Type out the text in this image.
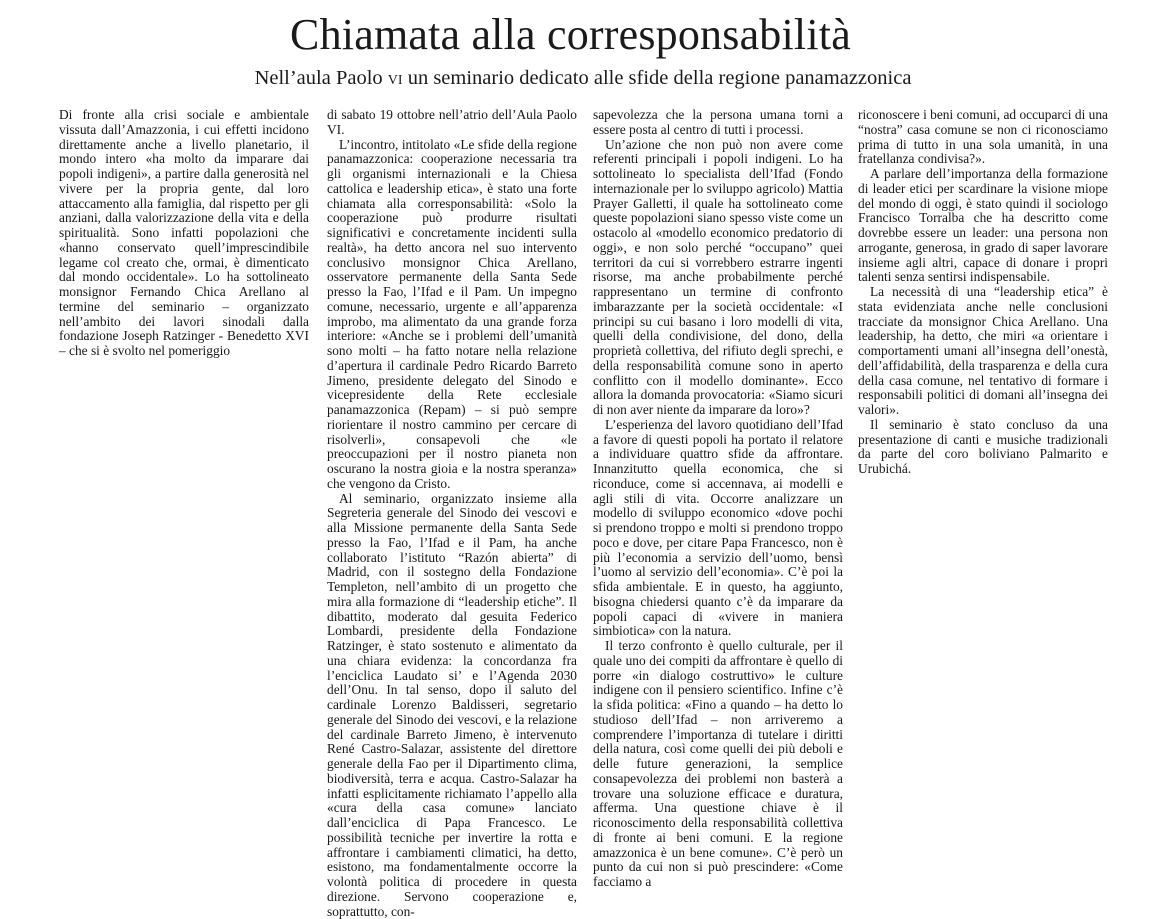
Chiamata alla corresponsabilità

Nell’aula Paolo vi un seminario dedicato alle sfide della regione panamazzonica

Di fronte alla crisi sociale e ambientale vissuta dall’Amazzonia, i cui effetti incidono direttamente anche a livello planetario, il mondo intero «ha molto da imparare dai popoli indigeni», a partire dalla generosità nel vivere per la propria gente, dal loro attaccamento alla famiglia, dal rispetto per gli anziani, dalla valorizzazione della vita e della spiritualità. Sono infatti popolazioni che «hanno conservato quell’imprescindibile legame col creato che, ormai, è dimenticato dal mondo occidentale». Lo ha sottolineato monsignor Fernando Chica Arellano al termine del seminario – organizzato nell’ambito dei lavori sinodali dalla fondazione Joseph Ratzinger - Benedetto XVI – che si è svolto nel pomeriggio

di sabato 19 ottobre nell’atrio dell’Aula Paolo VI.

L’incontro, intitolato «Le sfide della regione panamazzonica: cooperazione necessaria tra gli organismi internazionali e la Chiesa cattolica e leadership etica», è stato una forte chiamata alla corresponsabilità: «Solo la cooperazione può produrre risultati significativi e concretamente incidenti sulla realtà», ha detto ancora nel suo intervento conclusivo monsignor Chica Arellano, osservatore permanente della Santa Sede presso la Fao, l’Ifad e il Pam. Un impegno comune, necessario, urgente e all’apparenza improbo, ma alimentato da una grande forza interiore: «Anche se i problemi dell’umanità sono molti – ha fatto notare nella relazione d’apertura il cardinale Pedro Ricardo Barreto Jimeno, presidente delegato del Sinodo e vicepresidente della Rete ecclesiale panamazzonica (Repam) – si può sempre riorientare il nostro cammino per cercare di risolverli», consapevoli che «le preoccupazioni per il nostro pianeta non oscurano la nostra gioia e la nostra speranza» che vengono da Cristo.

Al seminario, organizzato insieme alla Segreteria generale del Sinodo dei vescovi e alla Missione permanente della Santa Sede presso la Fao, l’Ifad e il Pam, ha anche collaborato l’istituto “Razón abierta” di Madrid, con il sostegno della Fondazione Templeton, nell’ambito di un progetto che mira alla formazione di “leadership etiche”. Il dibattito, moderato dal gesuita Federico Lombardi, presidente della Fondazione Ratzinger, è stato sostenuto e alimentato da una chiara evidenza: la concordanza fra l’enciclica Laudato si’ e l’Agenda 2030 dell’Onu. In tal senso, dopo il saluto del cardinale Lorenzo Baldisseri, segretario generale del Sinodo dei vescovi, e la relazione del cardinale Barreto Jimeno, è intervenuto René Castro-Salazar, assistente del direttore generale della Fao per il Dipartimento clima, biodiversità, terra e acqua. Castro-Salazar ha infatti esplicitamente richiamato l’appello alla «cura della casa comune» lanciato dall’enciclica di Papa Francesco. Le possibilità tecniche per invertire la rotta e affrontare i cambiamenti climatici, ha detto, esistono, ma fondamentalmente occorre la volontà politica di procedere in questa direzione. Servono cooperazione e, soprattutto, con-

sapevolezza che la persona umana torni a essere posta al centro di tutti i processi.

Un’azione che non può non avere come referenti principali i popoli indigeni. Lo ha sottolineato lo specialista dell’Ifad (Fondo internazionale per lo sviluppo agricolo) Mattia Prayer Galletti, il quale ha sottolineato come queste popolazioni siano spesso viste come un ostacolo al «modello economico predatorio di oggi», e non solo perché “occupano” quei territori da cui si vorrebbero estrarre ingenti risorse, ma anche probabilmente perché rappresentano un termine di confronto imbarazzante per la società occidentale: «I principi su cui basano i loro modelli di vita, quelli della condivisione, del dono, della proprietà collettiva, del rifiuto degli sprechi, e della responsabilità comune sono in aperto conflitto con il modello dominante». Ecco allora la domanda provocatoria: «Siamo sicuri di non aver niente da imparare da loro»?

L’esperienza del lavoro quotidiano dell’Ifad a favore di questi popoli ha portato il relatore a individuare quattro sfide da affrontare. Innanzitutto quella economica, che si riconduce, come si accennava, ai modelli e agli stili di vita. Occorre analizzare un modello di sviluppo economico «dove pochi si prendono troppo e molti si prendono troppo poco e dove, per citare Papa Francesco, non è più l’economia a servizio dell’uomo, bensì l’uomo al servizio dell’economia». C’è poi la sfida ambientale. E in questo, ha aggiunto, bisogna chiedersi quanto c’è da imparare da popoli capaci di «vivere in maniera simbiotica» con la natura.

Il terzo confronto è quello culturale, per il quale uno dei compiti da affrontare è quello di porre «in dialogo costruttivo» le culture indigene con il pensiero scientifico. Infine c’è la sfida politica: «Fino a quando – ha detto lo studioso dell’Ifad – non arriveremo a comprendere l’importanza di tutelare i diritti della natura, così come quelli dei più deboli e delle future generazioni, la semplice consapevolezza dei problemi non basterà a trovare una soluzione efficace e duratura, afferma. Una questione chiave è il riconoscimento della responsabilità collettiva di fronte ai beni comuni. E la regione amazzonica è un bene comune». C’è però un punto da cui non si può prescindere: «Come facciamo a

riconoscere i beni comuni, ad occuparci di una “nostra” casa comune se non ci riconosciamo prima di tutto in una sola umanità, in una fratellanza condivisa?».

A parlare dell’importanza della formazione di leader etici per scardinare la visione miope del mondo di oggi, è stato quindi il sociologo Francisco Torralba che ha descritto come dovrebbe essere un leader: una persona non arrogante, generosa, in grado di saper lavorare insieme agli altri, capace di donare i propri talenti senza sentirsi indispensabile.

La necessità di una “leadership etica” è stata evidenziata anche nelle conclusioni tracciate da monsignor Chica Arellano. Una leadership, ha detto, che miri «a orientare i comportamenti umani all’insegna dell’onestà, dell’affidabilità, della trasparenza e della cura della casa comune, nel tentativo di formare i responsabili politici di domani all’insegna dei valori».

Il seminario è stato concluso da una presentazione di canti e musiche tradizionali da parte del coro boliviano Palmarito e Urubichá.
